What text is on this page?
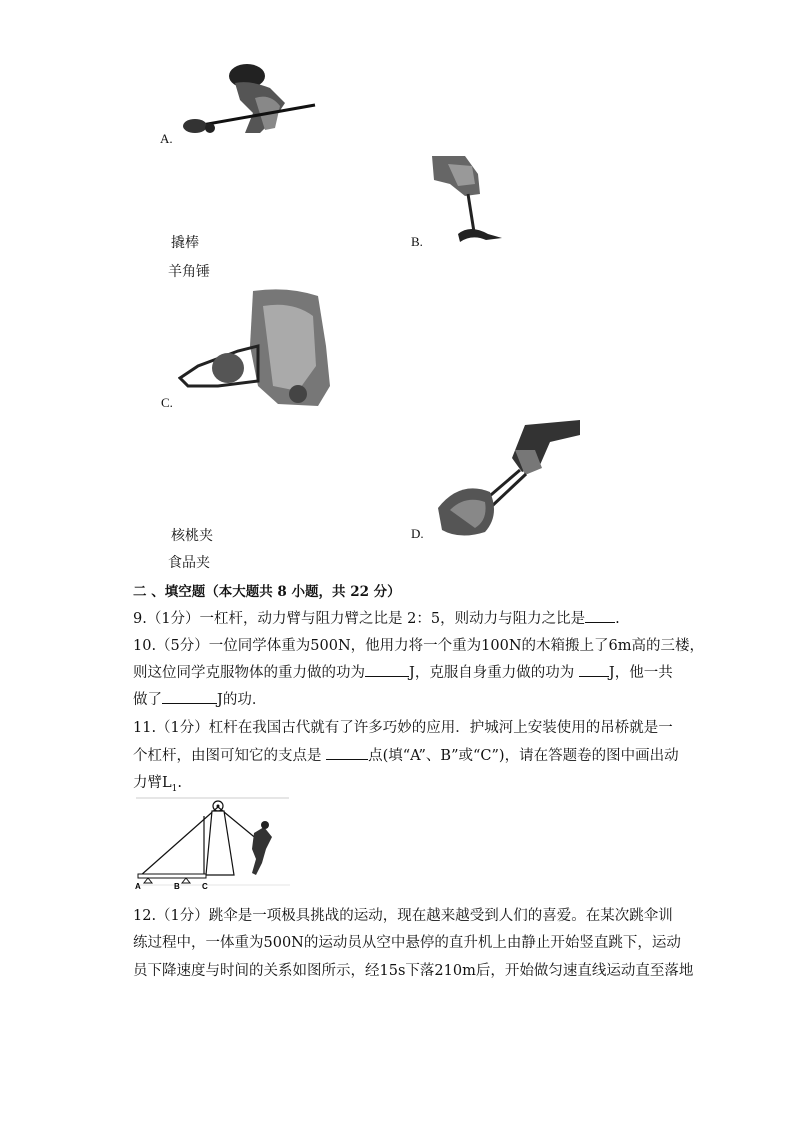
A.
撬棒	B.
羊角锤
C.
核桃夹	D.
食品夹
二 、填空题（本大题共 8 小题，共 22 分）
9.（1分）一杠杆，动力臂与阻力臂之比是 2：5，则动力与阻力之比是 .
10.（5分）一位同学体重为500N，他用力将一个重为100N的木箱搬上了6m高的三楼，
则这位同学克服物体的重力做的功为	J，克服自身重力做的功为 J，他一共
做了	J的功．
11.（1分）杠杆在我国古代就有了许多巧妙的应用．护城河上安装使用的吊桥就是一
个杠杆，由图可知它的支点是	点(填“A”、B”或“C”)，请在答题卷的图中画出动
力臂$L_1$.
A	B	C
12.（1分）跳伞是一项极具挑战的运动，现在越来越受到人们的喜爱。在某次跳伞训
练过程中，一体重为500N的运动员从空中悬停的直升机上由静止开始竖直跳下，运动
员下降速度与时间的关系如图所示，经15s下落210m后，开始做匀速直线运动直至落地
